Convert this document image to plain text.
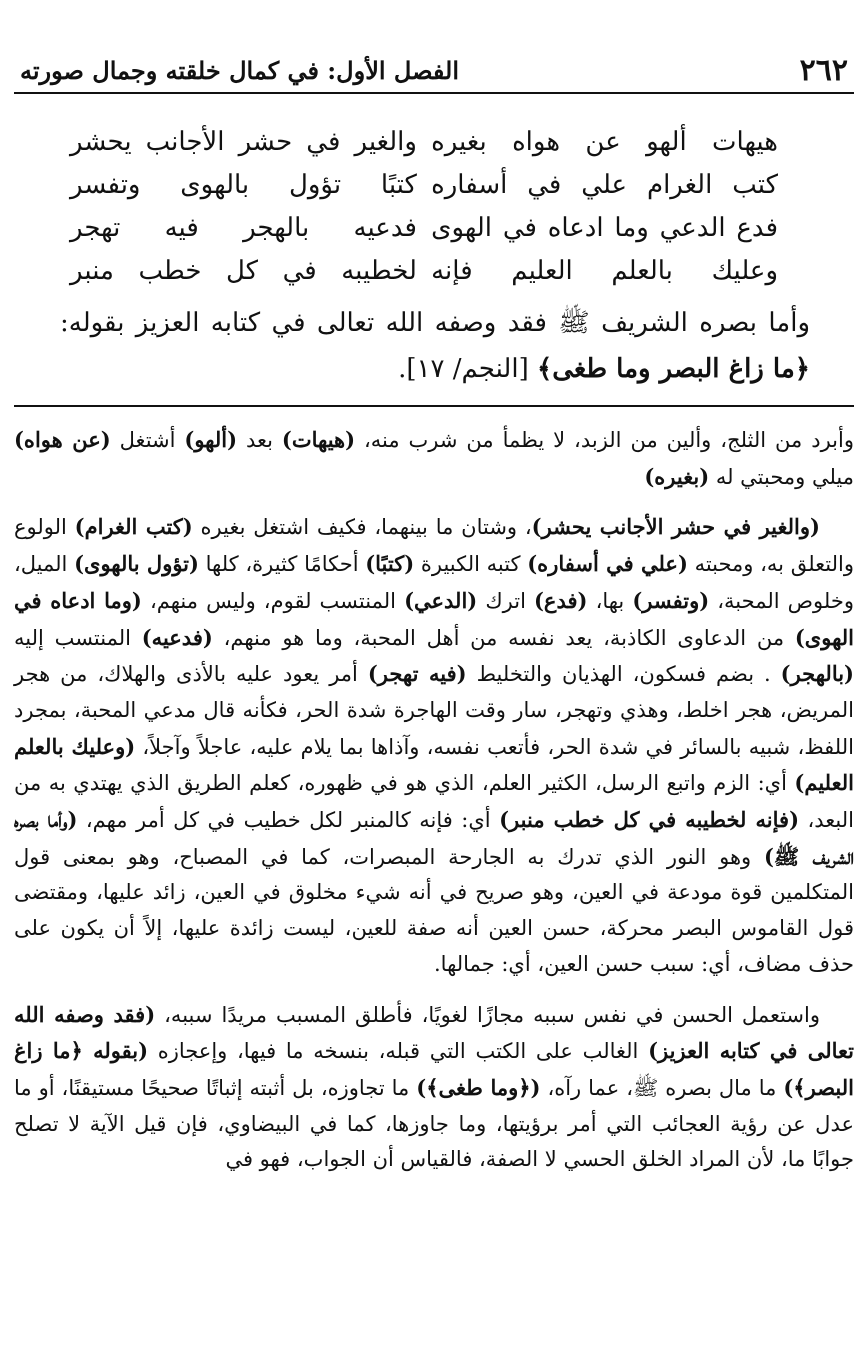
٢٦٢
الفصل الأول: في كمال خلقته وجمال صورته
هيهات ألهو عن هواه بغيره
والغير في حشر الأجانب يحشر
كتب الغرام علي في أسفاره
كتبًا تؤول بالهوى وتفسر
فدع الدعي وما ادعاه في الهوى
فدعيه بالهجر فيه تهجر
وعليك بالعلم العليم فإنه
لخطيبه في كل خطب منبر
وأما بصره الشريف ﷺ فقد وصفه الله تعالى في كتابه العزيز بقوله: ﴿ما زاغ البصر وما طغى﴾ [النجم/ ١٧].

وأبرد من الثلج، وألين من الزبد، لا يظمأ من شرب منه، (هيهات) بعد (ألهو) أشتغل (عن هواه) ميلي ومحبتي له (بغيره)

(والغير في حشر الأجانب يحشر)، وشتان ما بينهما، فكيف اشتغل بغيره (كتب الغرام) الولوع والتعلق به، ومحبته (علي في أسفاره) كتبه الكبيرة (كتبًا) أحكامًا كثيرة، كلها (تؤول بالهوى) الميل، وخلوص المحبة، (وتفسر) بها، (فدع) اترك (الدعي) المنتسب لقوم، وليس منهم، (وما ادعاه في الهوى) من الدعاوى الكاذبة، يعد نفسه من أهل المحبة، وما هو منهم، (فدعيه) المنتسب إليه (بالهجر) . بضم فسكون، الهذيان والتخليط (فيه تهجر) أمر يعود عليه بالأذى والهلاك، من هجر المريض، هجر اخلط، وهذي وتهجر، سار وقت الهاجرة شدة الحر، فكأنه قال مدعي المحبة، بمجرد اللفظ، شبيه بالسائر في شدة الحر، فأتعب نفسه، وآذاها بما يلام عليه، عاجلاً وآجلاً، (وعليك بالعلم العليم) أي: الزم واتبع الرسل، الكثير العلم، الذي هو في ظهوره، كعلم الطريق الذي يهتدي به من البعد، (فإنه لخطيبه في كل خطب منبر) أي: فإنه كالمنبر لكل خطيب في كل أمر مهم، (وأما بصره الشريف ﷺ) وهو النور الذي تدرك به الجارحة المبصرات، كما في المصباح، وهو بمعنى قول المتكلمين قوة مودعة في العين، وهو صريح في أنه شيء مخلوق في العين، زائد عليها، ومقتضى قول القاموس البصر محركة، حسن العين أنه صفة للعين، ليست زائدة عليها، إلاً أن يكون على حذف مضاف، أي: سبب حسن العين، أي: جمالها.

واستعمل الحسن في نفس سببه مجازًا لغويًا، فأطلق المسبب مريدًا سببه، (فقد وصفه الله تعالى في كتابه العزيز) الغالب على الكتب التي قبله، بنسخه ما فيها، وإعجازه (بقوله ﴿ما زاغ البصر﴾) ما مال بصره ﷺ، عما رآه، (﴿وما طغى﴾) ما تجاوزه، بل أثبته إثباتًا صحيحًا مستيقنًا، أو ما عدل عن رؤية العجائب التي أمر برؤيتها، وما جاوزها، كما في البيضاوي، فإن قيل الآية لا تصلح جوابًا ما، لأن المراد الخلق الحسي لا الصفة، فالقياس أن الجواب، فهو في
